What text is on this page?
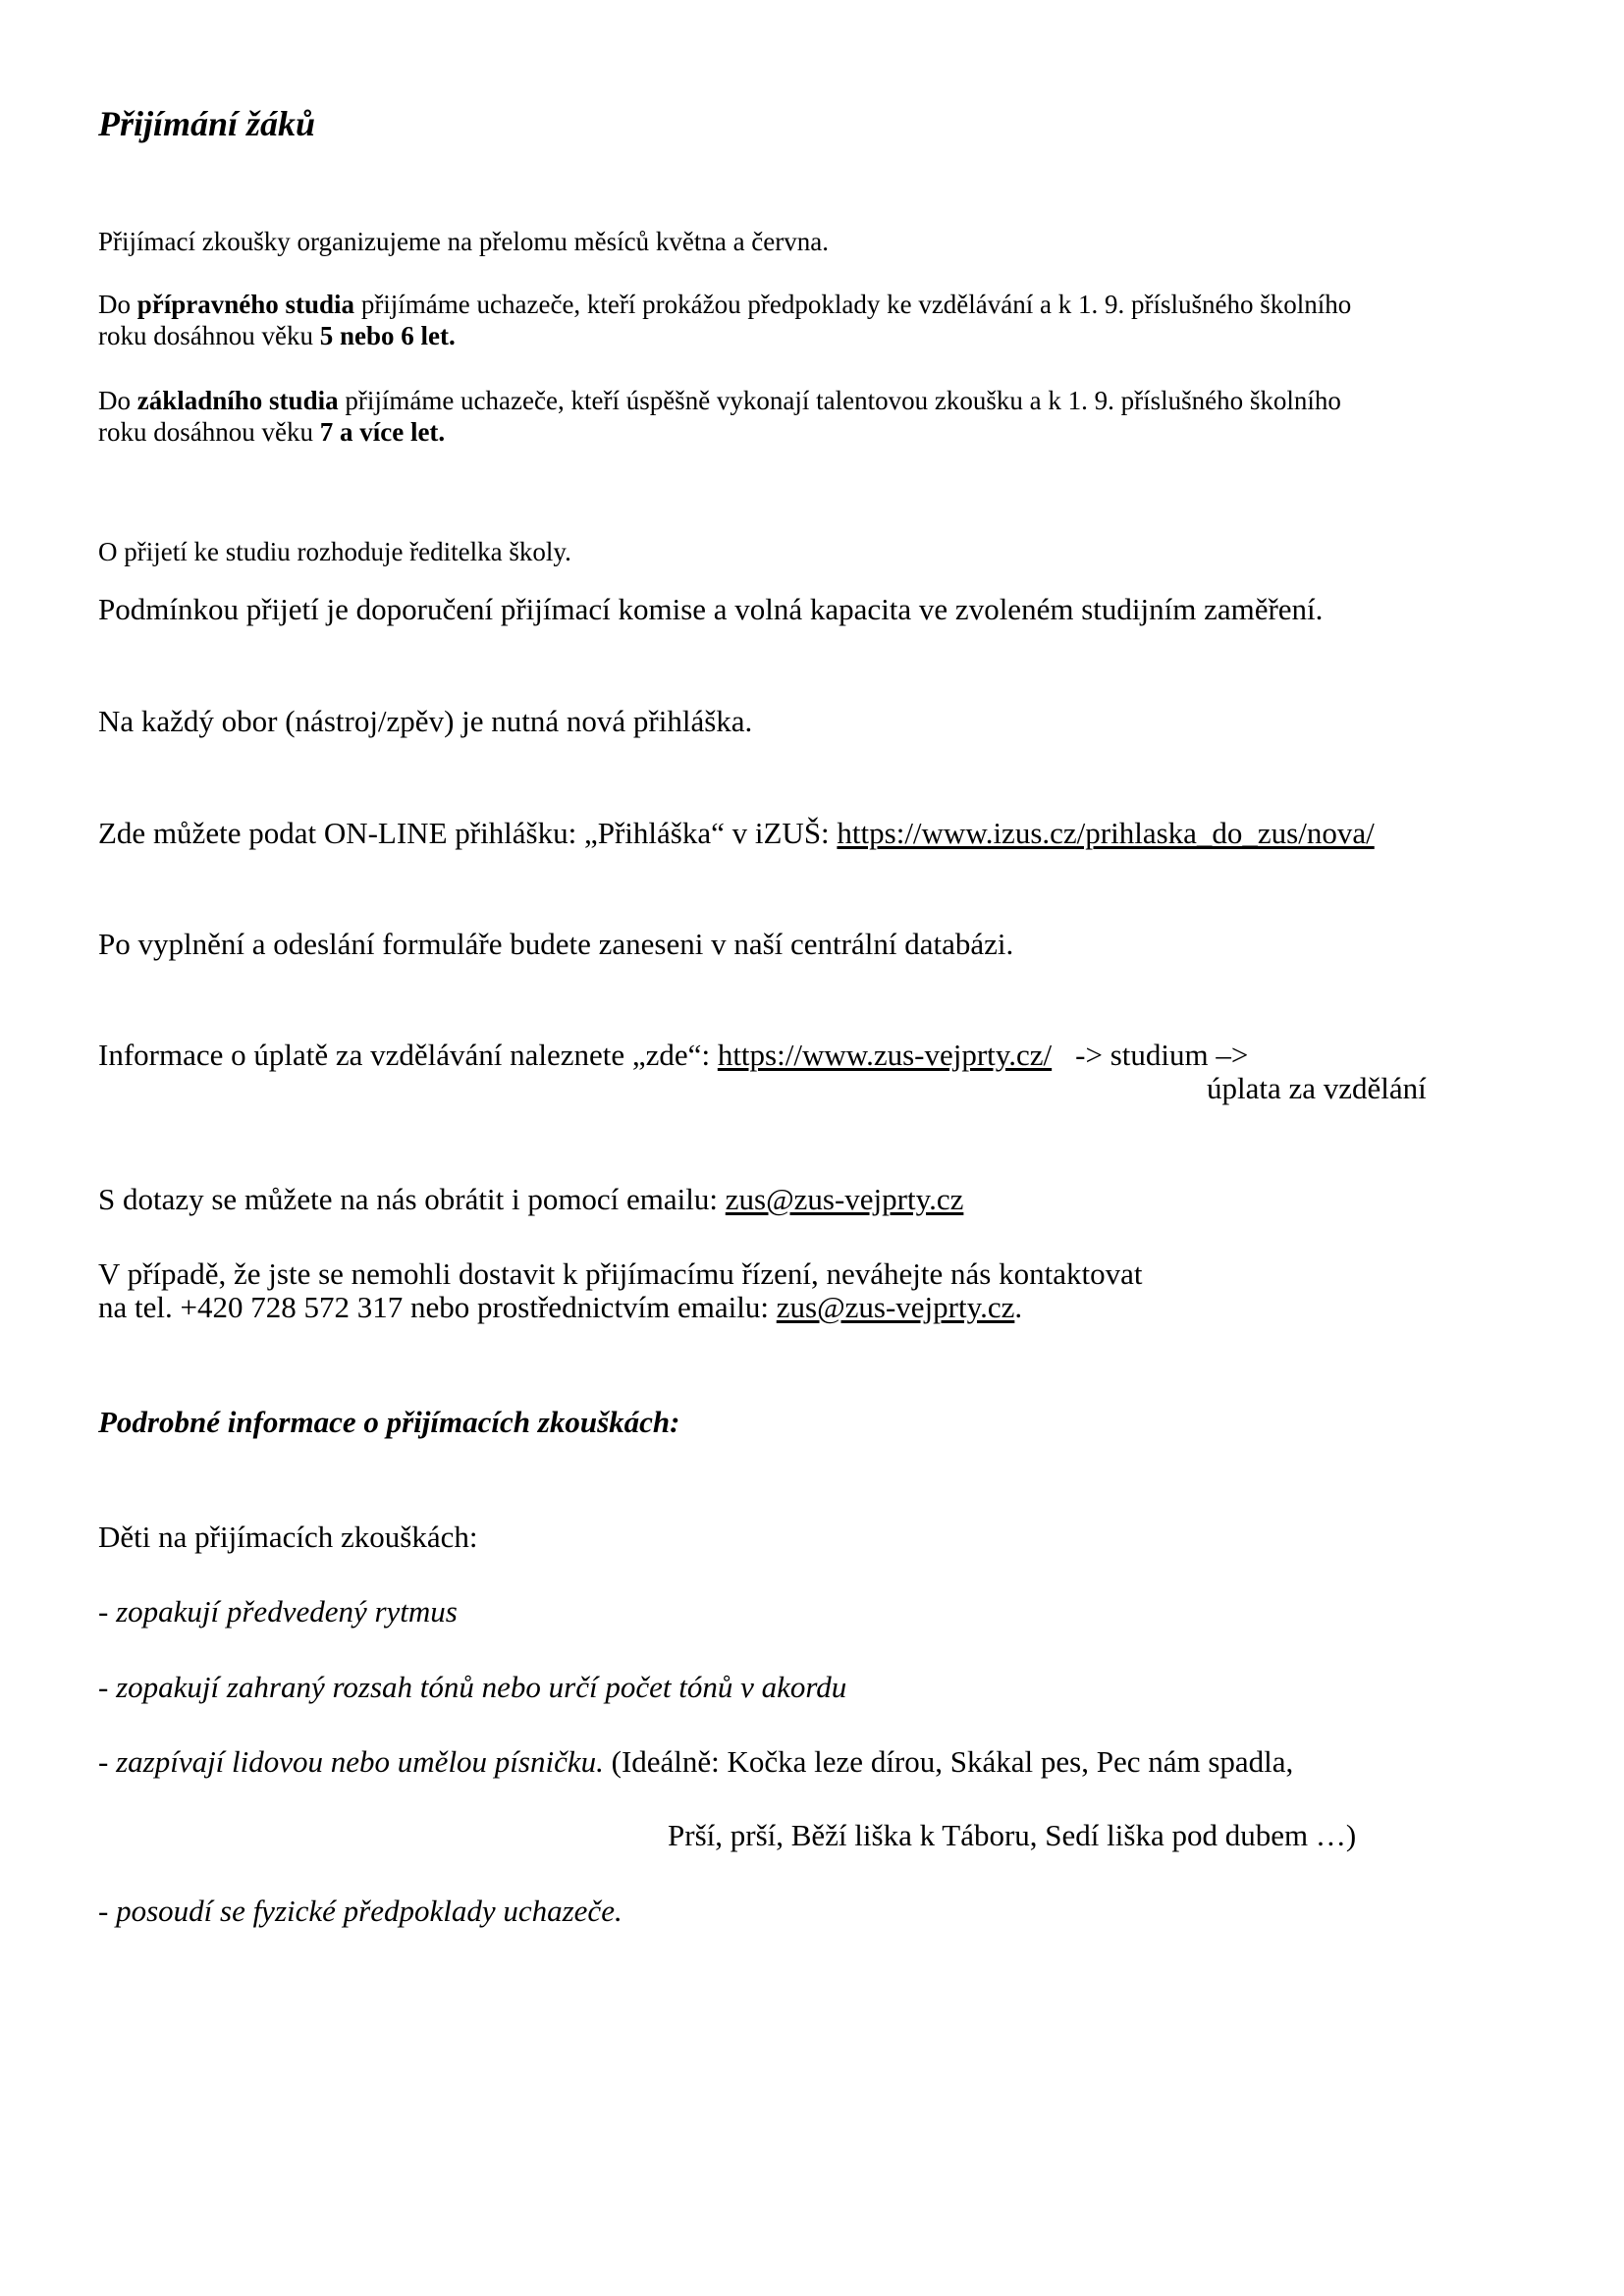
Přijímání žáků
Přijímací zkoušky organizujeme na přelomu měsíců května a června.
Do přípravného studia přijímáme uchazeče, kteří prokážou předpoklady ke vzdělávání a k 1. 9. příslušného školního
roku dosáhnou věku 5 nebo 6 let.
Do základního studia přijímáme uchazeče, kteří úspěšně vykonají talentovou zkoušku a k 1. 9. příslušného školního
roku dosáhnou věku 7 a více let.
O přijetí ke studiu rozhoduje ředitelka školy.
Podmínkou přijetí je doporučení přijímací komise a volná kapacita ve zvoleném studijním zaměření.
Na každý obor (nástroj/zpěv) je nutná nová přihláška.
Zde můžete podat ON-LINE přihlášku: „Přihláška“ v iZUŠ: https://www.izus.cz/prihlaska_do_zus/nova/
Po vyplnění a odeslání formuláře budete zaneseni v naší centrální databázi.
Informace o úplatě za vzdělávání naleznete „zde“: https://www.zus-vejprty.cz/ -> studium –>
úplata za vzdělání
S dotazy se můžete na nás obrátit i pomocí emailu: zus@zus-vejprty.cz
V případě, že jste se nemohli dostavit k přijímacímu řízení, neváhejte nás kontaktovat
na tel. +420 728 572 317 nebo prostřednictvím emailu: zus@zus-vejprty.cz.
Podrobné informace o přijímacích zkouškách:
Děti na přijímacích zkouškách:
- zopakují předvedený rytmus
- zopakují zahraný rozsah tónů nebo určí počet tónů v akordu
- zazpívají lidovou nebo umělou písničku. (Ideálně: Kočka leze dírou, Skákal pes, Pec nám spadla,
Prší, prší, Běží liška k Táboru, Sedí liška pod dubem …)
- posoudí se fyzické předpoklady uchazeče.
